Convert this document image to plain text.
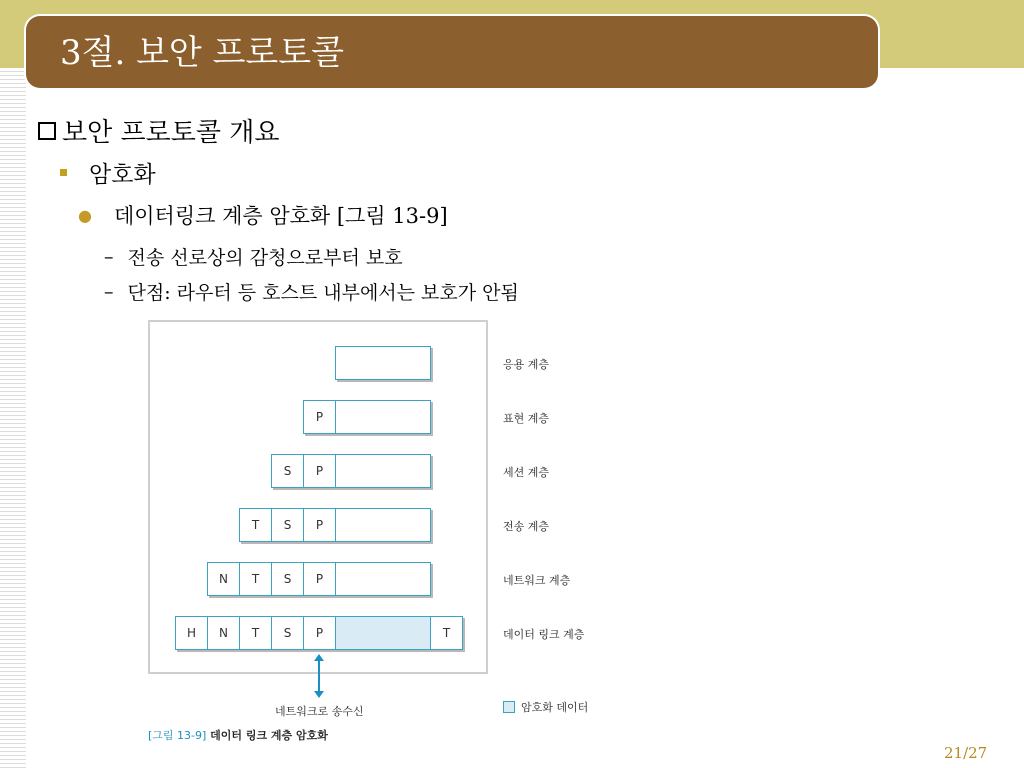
3절. 보안 프로토콜
보안 프로토콜 개요
암호화
● 데이터링크 계층 암호화 [그림 13-9]
– 전송 선로상의 감청으로부터 보호
– 단점: 라우터 등 호스트 내부에서는 보호가 안됨
응용 계층
P	표현 계층
S	P	세션 계층
T	S	P	전송 계층
N	T	S	P	네트워크 계층
H	N	T	S	P	T	데이터 링크 계층
네트워크로 송수신	암호화 데이터
[그림 13-9] 데이터 링크 계층 암호화
21/27
